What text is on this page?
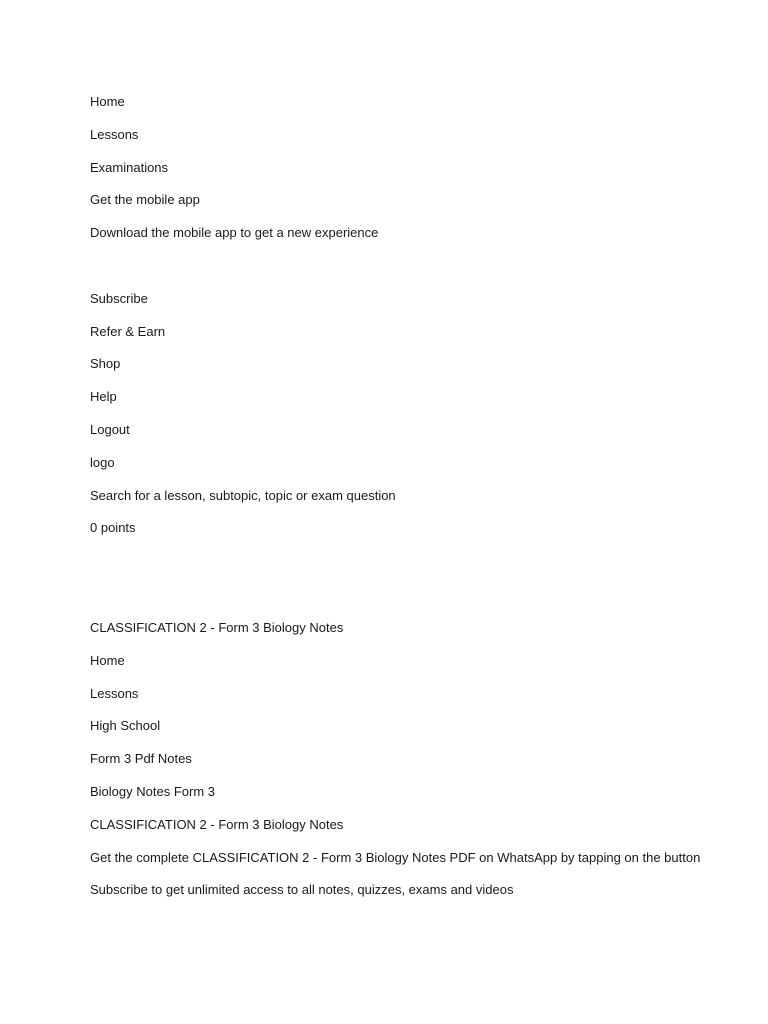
Home
Lessons
Examinations
Get the mobile app

Download the mobile app to get a new experience

Subscribe
Refer & Earn
Shop
Help
Logout
logo
Search for a lesson, subtopic, topic or exam question
0 points
CLASSIFICATION 2 - Form 3 Biology Notes
Home
Lessons
High School
Form 3 Pdf Notes
Biology Notes Form 3
CLASSIFICATION 2 - Form 3 Biology Notes

Get the complete CLASSIFICATION 2 - Form 3 Biology Notes PDF on WhatsApp by tapping on the button

Subscribe to get unlimited access to all notes, quizzes, exams and videos
